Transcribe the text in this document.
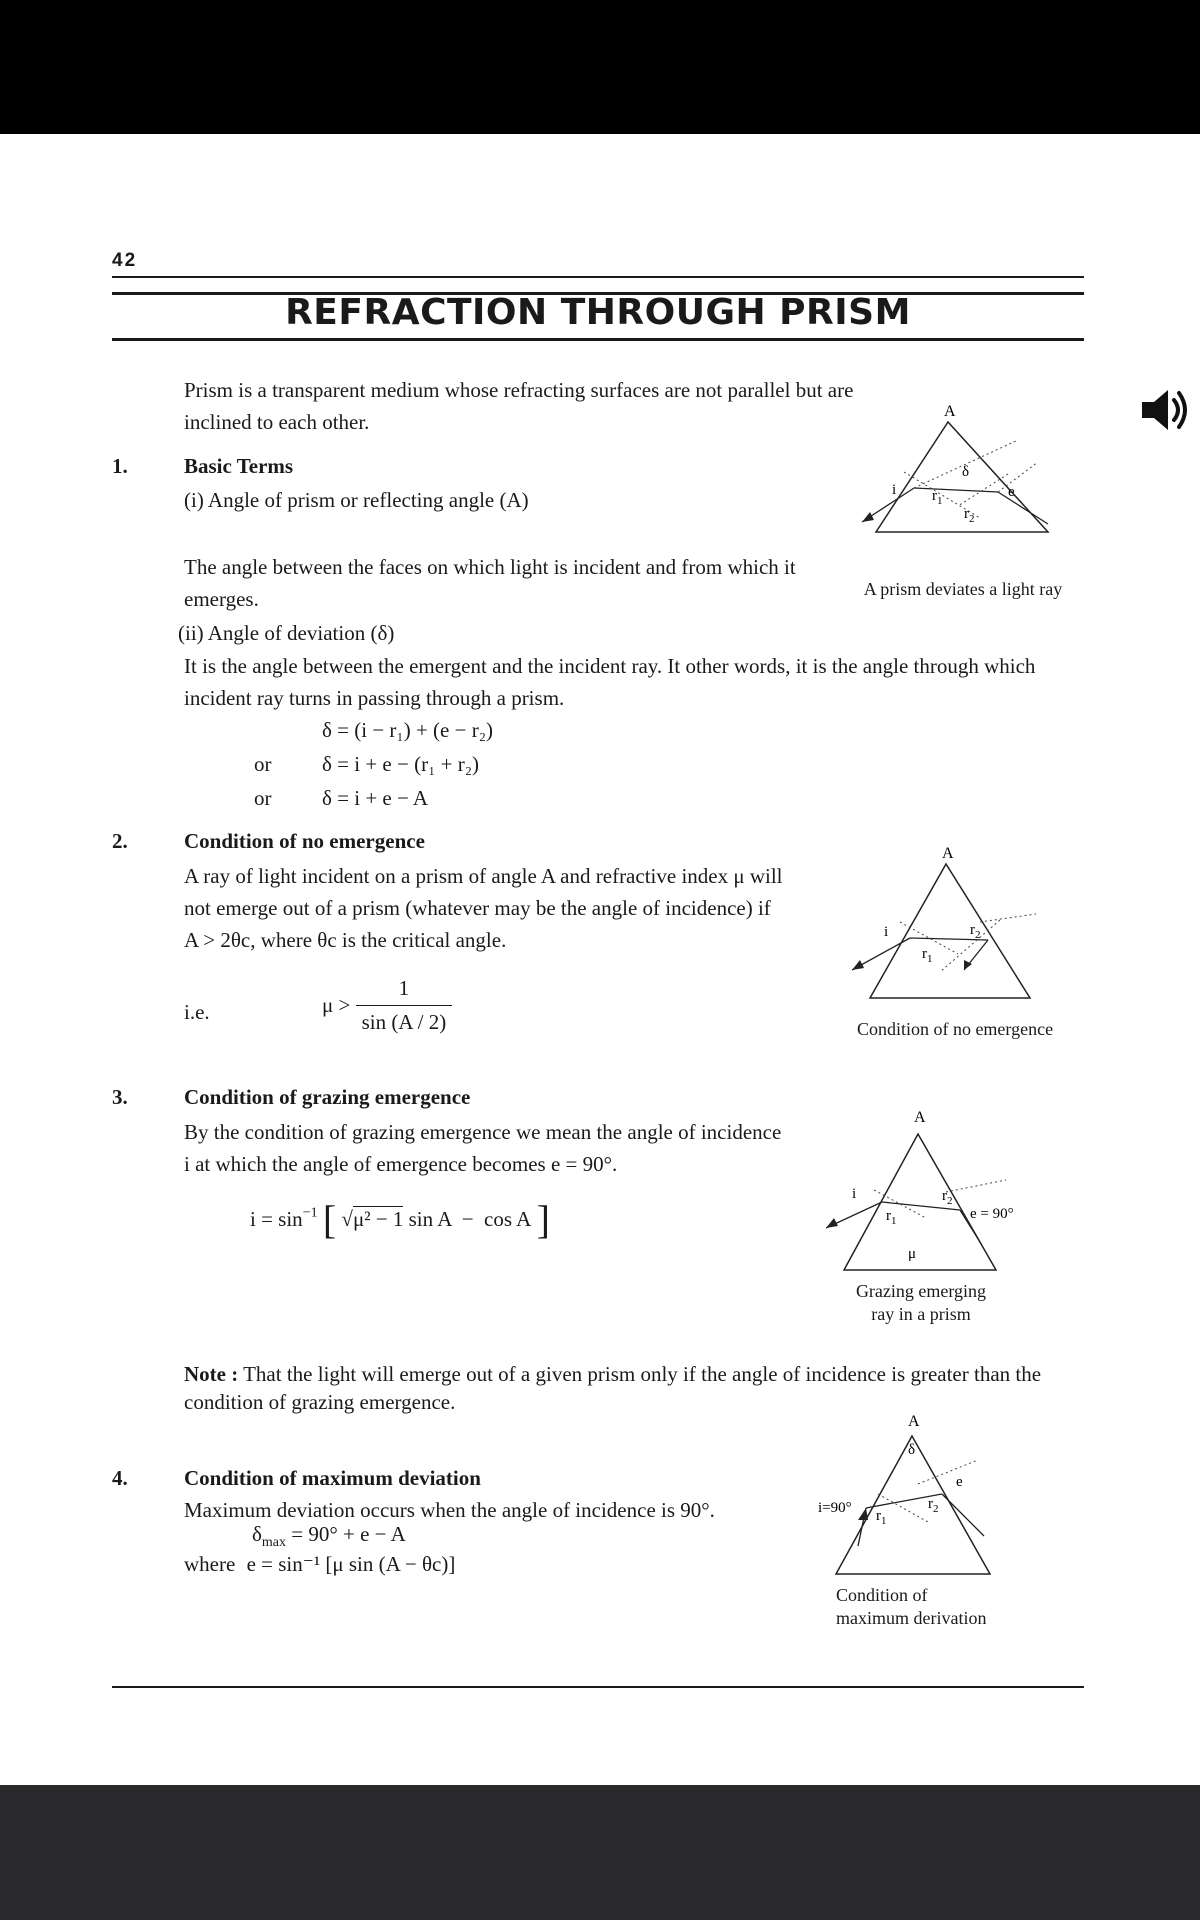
42
REFRACTION THROUGH PRISM
Prism is a transparent medium whose refracting surfaces are not parallel but are
inclined to each other.
1.	Basic Terms
(i) Angle of prism or reflecting angle (A)
The angle between the faces on which light is incident and from which it
emerges.
(ii) Angle of deviation (δ)
It is the angle between the emergent and the incident ray. It other words, it is the angle through which
incident ray turns in passing through a prism.
δ = (i − r₁) + (e − r₂)
or δ = i + e − (r₁ + r₂)
or δ = i + e − A
A
i $r_1$
$r_2$
δ
e
A prism deviates a light ray
2.	Condition of no emergence
A ray of light incident on a prism of angle A and refractive index μ will
not emerge out of a prism (whatever may be the angle of incidence) if
A > 2θc, where θc is the critical angle.
i.e.	$\mu > \frac{1}{\sin (A / 2)}$
A
i
$r_1$
$r_2$
Condition of no emergence
3.	Condition of grazing emergence
By the condition of grazing emergence we mean the angle of incidence
i at which the angle of emergence becomes e = 90°.
$i = \sin^{-1}$ [ √μ² − 1 sin A  −  cos A ]
A
i
$r_1$
$r_2$
e = 90°
μ
Grazing emerging
ray in a prism
Note : That the light will emerge out of a given prism only if the angle of incidence is greater than the
condition of grazing emergence.
4.	Condition of maximum deviation
Maximum deviation occurs when the angle of incidence is 90°.
$\delta_{max} = 90^\circ + e - A$
where e = sin⁻¹ [μ sin (A − θc)]
A
δ
i=90° $r_1$
$r_2$
e
Condition of
maximum derivation
